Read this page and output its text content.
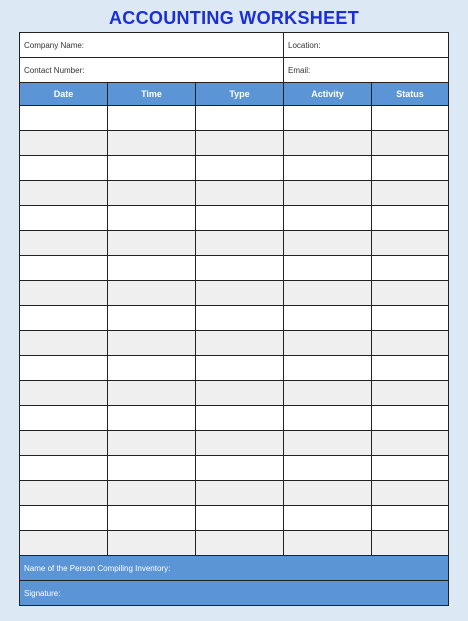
ACCOUNTING WORKSHEET
Company Name:			Location:	
Contact Number:			Email:	
Date	Time	Type	Activity	Status

Name of the Person Compiling Inventory:				
Signature:				
